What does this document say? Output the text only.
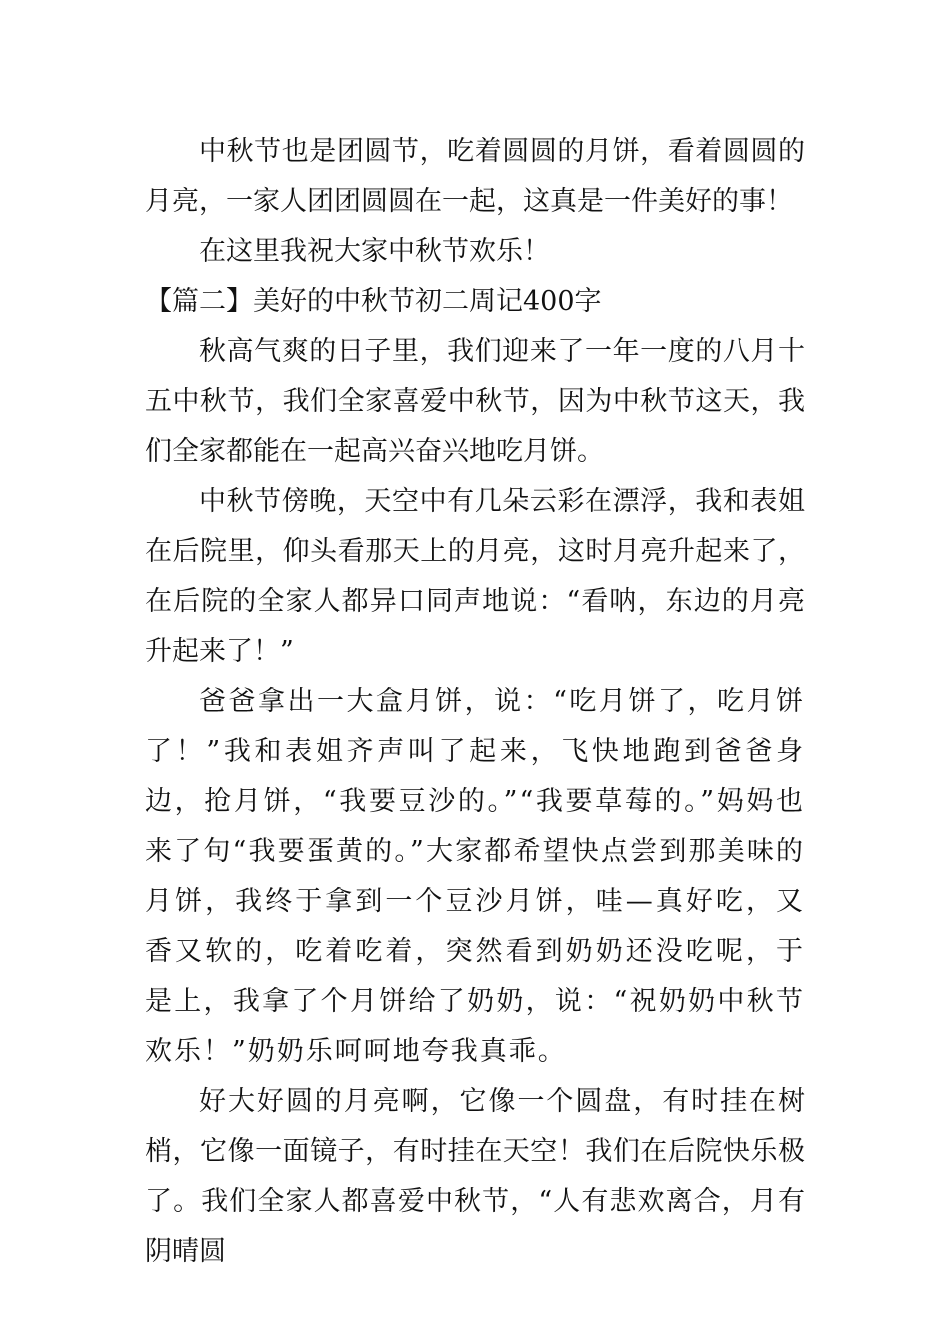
中秋节也是团圆节，吃着圆圆的月饼，看着圆圆的月亮，一家人团团圆圆在一起，这真是一件美好的事！

在这里我祝大家中秋节欢乐！

【篇二】美好的中秋节初二周记400字

秋高气爽的日子里，我们迎来了一年一度的八月十五中秋节，我们全家喜爱中秋节，因为中秋节这天，我们全家都能在一起高兴奋兴地吃月饼。

中秋节傍晚，天空中有几朵云彩在漂浮，我和表姐在后院里，仰头看那天上的月亮，这时月亮升起来了，在后院的全家人都异口同声地说：“看呐，东边的月亮升起来了！”

爸爸拿出一大盒月饼，说：“吃月饼了，吃月饼了！”我和表姐齐声叫了起来，飞快地跑到爸爸身边，抢月饼，“我要豆沙的。”“我要草莓的。”妈妈也来了句“我要蛋黄的。”大家都希望快点尝到那美味的月饼，我终于拿到一个豆沙月饼，哇—真好吃，又香又软的，吃着吃着，突然看到奶奶还没吃呢，于是上，我拿了个月饼给了奶奶，说：“祝奶奶中秋节欢乐！”奶奶乐呵呵地夸我真乖。

好大好圆的月亮啊，它像一个圆盘，有时挂在树梢，它像一面镜子，有时挂在天空！我们在后院快乐极了。我们全家人都喜爱中秋节，“人有悲欢离合，月有阴晴圆
